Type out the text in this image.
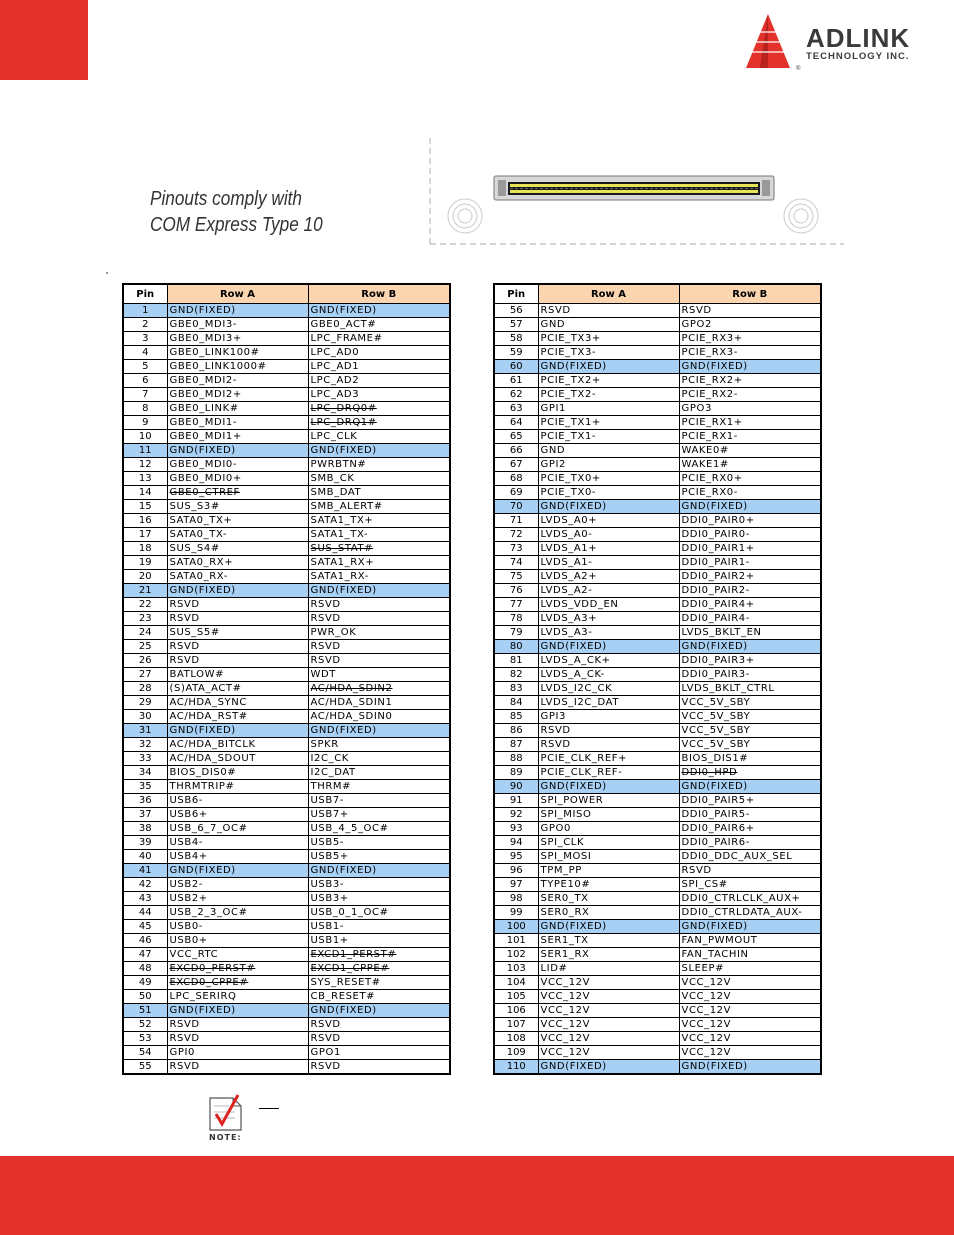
®
ADLINK
TECHNOLOGY INC.
Pinouts comply with
COM Express Type 10
Pin	Row A	Row B
1	GND(FIXED)	GND(FIXED)
2	GBE0_MDI3-	GBE0_ACT#
3	GBE0_MDI3+	LPC_FRAME#
4	GBE0_LINK100#	LPC_AD0
5	GBE0_LINK1000#	LPC_AD1
6	GBE0_MDI2-	LPC_AD2
7	GBE0_MDI2+	LPC_AD3
8	GBE0_LINK#	LPC_DRQ0#
9	GBE0_MDI1-	LPC_DRQ1#
10	GBE0_MDI1+	LPC_CLK
11	GND(FIXED)	GND(FIXED)
12	GBE0_MDI0-	PWRBTN#
13	GBE0_MDI0+	SMB_CK
14	GBE0_CTREF	SMB_DAT
15	SUS_S3#	SMB_ALERT#
16	SATA0_TX+	SATA1_TX+
17	SATA0_TX-	SATA1_TX-
18	SUS_S4#	SUS_STAT#
19	SATA0_RX+	SATA1_RX+
20	SATA0_RX-	SATA1_RX-
21	GND(FIXED)	GND(FIXED)
22	RSVD	RSVD
23	RSVD	RSVD
24	SUS_S5#	PWR_OK
25	RSVD	RSVD
26	RSVD	RSVD
27	BATLOW#	WDT
28	(S)ATA_ACT#	AC/HDA_SDIN2
29	AC/HDA_SYNC	AC/HDA_SDIN1
30	AC/HDA_RST#	AC/HDA_SDIN0
31	GND(FIXED)	GND(FIXED)
32	AC/HDA_BITCLK	SPKR
33	AC/HDA_SDOUT	I2C_CK
34	BIOS_DIS0#	I2C_DAT
35	THRMTRIP#	THRM#
36	USB6-	USB7-
37	USB6+	USB7+
38	USB_6_7_OC#	USB_4_5_OC#
39	USB4-	USB5-
40	USB4+	USB5+
41	GND(FIXED)	GND(FIXED)
42	USB2-	USB3-
43	USB2+	USB3+
44	USB_2_3_OC#	USB_0_1_OC#
45	USB0-	USB1-
46	USB0+	USB1+
47	VCC_RTC	EXCD1_PERST#
48	EXCD0_PERST#	EXCD1_CPPE#
49	EXCD0_CPPE#	SYS_RESET#
50	LPC_SERIRQ	CB_RESET#
51	GND(FIXED)	GND(FIXED)
52	RSVD	RSVD
53	RSVD	RSVD
54	GPI0	GPO1
55	RSVD	RSVD
Pin	Row A	Row B
56	RSVD	RSVD
57	GND	GPO2
58	PCIE_TX3+	PCIE_RX3+
59	PCIE_TX3-	PCIE_RX3-
60	GND(FIXED)	GND(FIXED)
61	PCIE_TX2+	PCIE_RX2+
62	PCIE_TX2-	PCIE_RX2-
63	GPI1	GPO3
64	PCIE_TX1+	PCIE_RX1+
65	PCIE_TX1-	PCIE_RX1-
66	GND	WAKE0#
67	GPI2	WAKE1#
68	PCIE_TX0+	PCIE_RX0+
69	PCIE_TX0-	PCIE_RX0-
70	GND(FIXED)	GND(FIXED)
71	LVDS_A0+	DDI0_PAIR0+
72	LVDS_A0-	DDI0_PAIR0-
73	LVDS_A1+	DDI0_PAIR1+
74	LVDS_A1-	DDI0_PAIR1-
75	LVDS_A2+	DDI0_PAIR2+
76	LVDS_A2-	DDI0_PAIR2-
77	LVDS_VDD_EN	DDI0_PAIR4+
78	LVDS_A3+	DDI0_PAIR4-
79	LVDS_A3-	LVDS_BKLT_EN
80	GND(FIXED)	GND(FIXED)
81	LVDS_A_CK+	DDI0_PAIR3+
82	LVDS_A_CK-	DDI0_PAIR3-
83	LVDS_I2C_CK	LVDS_BKLT_CTRL
84	LVDS_I2C_DAT	VCC_5V_SBY
85	GPI3	VCC_5V_SBY
86	RSVD	VCC_5V_SBY
87	RSVD	VCC_5V_SBY
88	PCIE_CLK_REF+	BIOS_DIS1#
89	PCIE_CLK_REF-	DDI0_HPD
90	GND(FIXED)	GND(FIXED)
91	SPI_POWER	DDI0_PAIR5+
92	SPI_MISO	DDI0_PAIR5-
93	GPO0	DDI0_PAIR6+
94	SPI_CLK	DDI0_PAIR6-
95	SPI_MOSI	DDI0_DDC_AUX_SEL
96	TPM_PP	RSVD
97	TYPE10#	SPI_CS#
98	SER0_TX	DDI0_CTRLCLK_AUX+
99	SER0_RX	DDI0_CTRLDATA_AUX-
100	GND(FIXED)	GND(FIXED)
101	SER1_TX	FAN_PWMOUT
102	SER1_RX	FAN_TACHIN
103	LID#	SLEEP#
104	VCC_12V	VCC_12V
105	VCC_12V	VCC_12V
106	VCC_12V	VCC_12V
107	VCC_12V	VCC_12V
108	VCC_12V	VCC_12V
109	VCC_12V	VCC_12V
110	GND(FIXED)	GND(FIXED)
NOTE:
